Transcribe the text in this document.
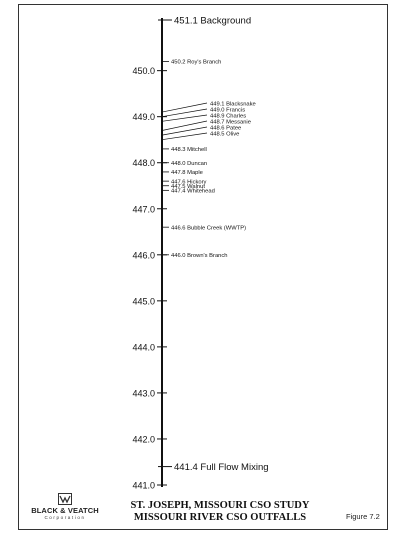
450.0
449.0
448.0
447.0
446.0
445.0
444.0
443.0
442.0
441.0
450.2 Roy's Branch
449.1 Blacksnake
449.0 Francis
448.9 Charles
448.7 Messanie
448.6 Patee
448.5 Olive
448.3 Mitchell
448.0 Duncan
447.8 Maple
447.6 Hickory
447.5 Walnut
447.4 Whitehead
446.6 Bubble Creek (WWTP)
446.0 Brown's Branch
451.1 Background
441.4 Full Flow Mixing
BLACK & VEATCH
Corporation
ST. JOSEPH, MISSOURI CSO STUDY
MISSOURI RIVER CSO OUTFALLS	Figure 7.2
